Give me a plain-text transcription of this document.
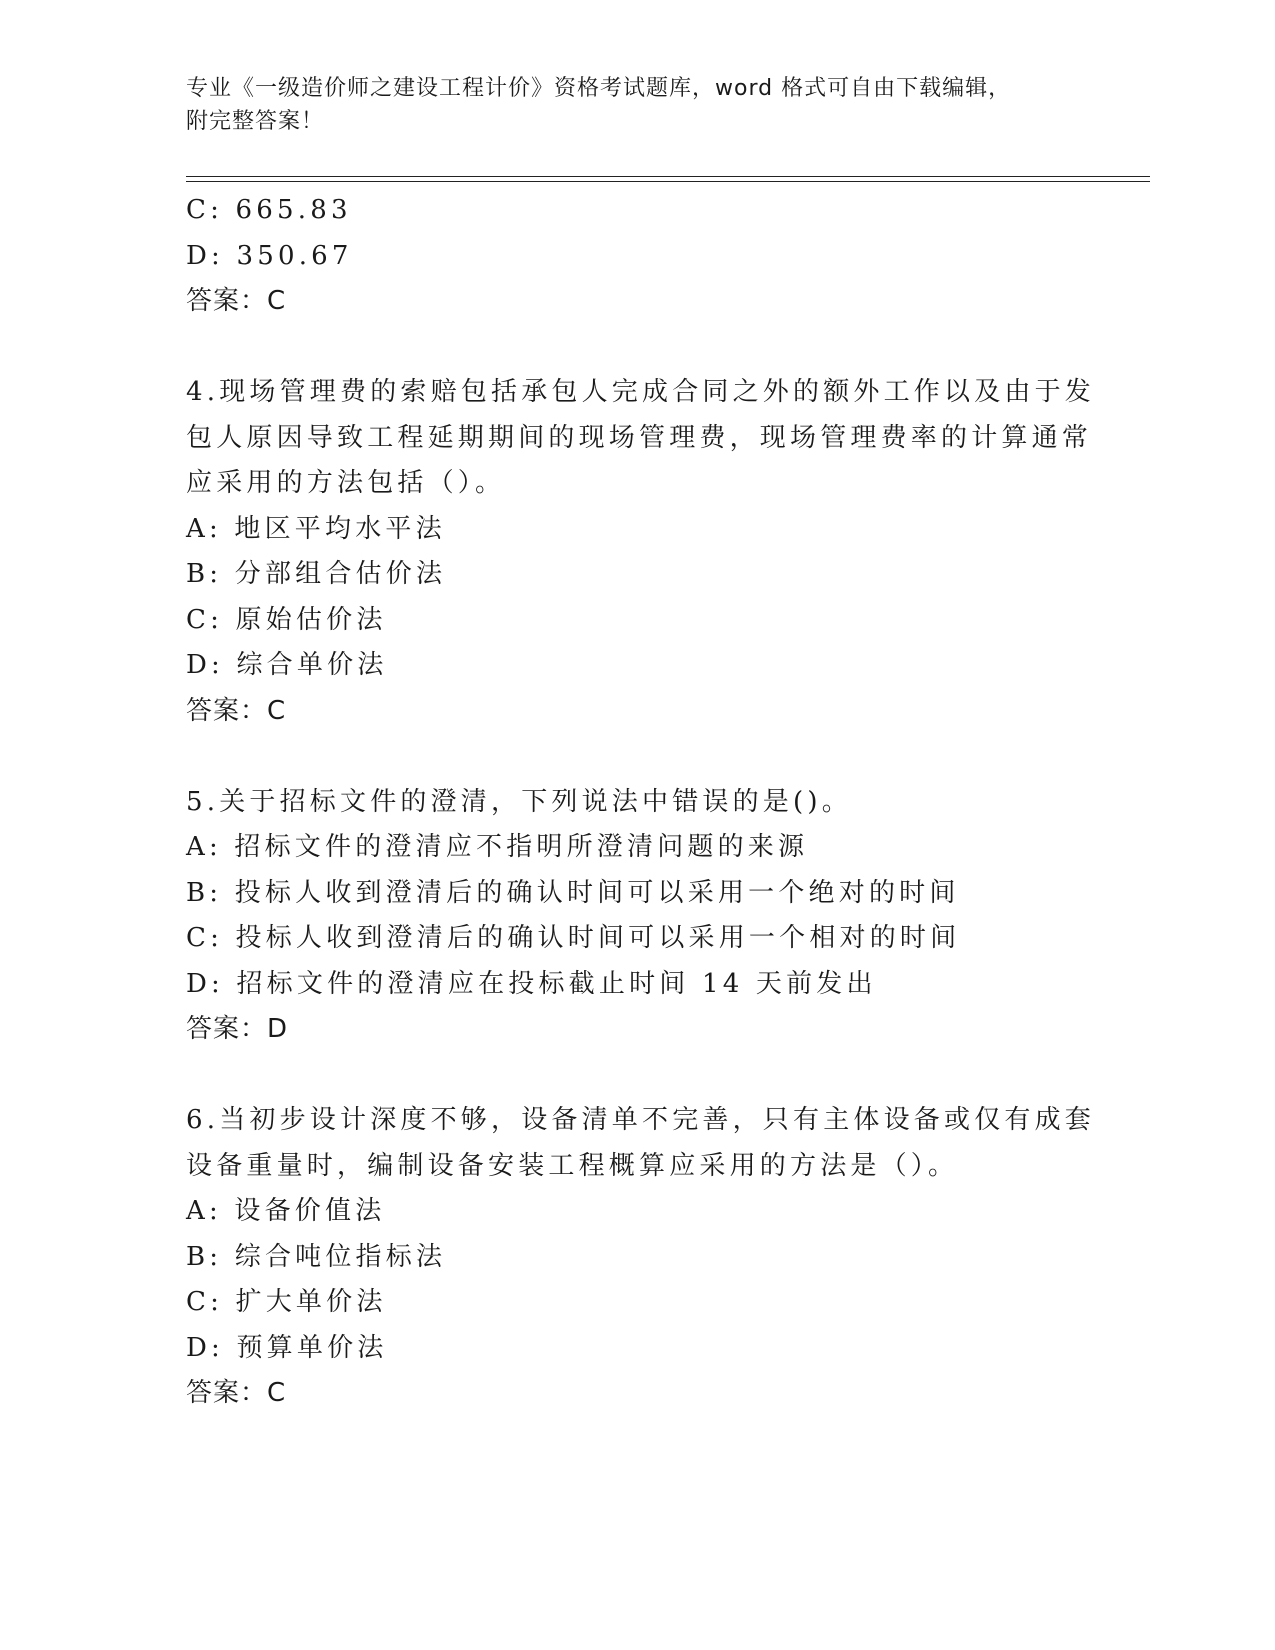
专业《一级造价师之建设工程计价》资格考试题库，word 格式可自由下载编辑，
附完整答案！
C: 665.83
D: 350.67
答案：C
4.现场管理费的索赔包括承包人完成合同之外的额外工作以及由于发
包人原因导致工程延期期间的现场管理费，现场管理费率的计算通常
应采用的方法包括（）。
A: 地区平均水平法
B: 分部组合估价法
C: 原始估价法
D: 综合单价法
答案：C
5.关于招标文件的澄清，下列说法中错误的是()。
A: 招标文件的澄清应不指明所澄清问题的来源
B: 投标人收到澄清后的确认时间可以采用一个绝对的时间
C: 投标人收到澄清后的确认时间可以采用一个相对的时间
D: 招标文件的澄清应在投标截止时间 14 天前发出
答案：D
6.当初步设计深度不够，设备清单不完善，只有主体设备或仅有成套
设备重量时，编制设备安装工程概算应采用的方法是（）。
A: 设备价值法
B: 综合吨位指标法
C: 扩大单价法
D: 预算单价法
答案：C
